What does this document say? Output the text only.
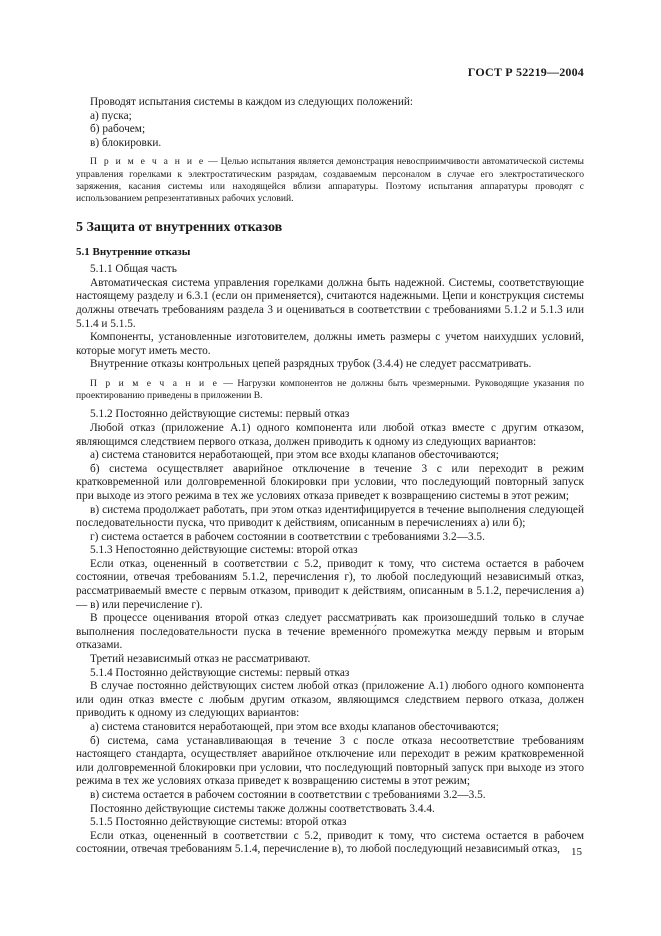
ГОСТ Р 52219—2004

Проводят испытания системы в каждом из следующих положений:

а) пуска;

б) рабочем;

в) блокировки.

П р и м е ч а н и е — Целью испытания является демонстрация невосприимчивости автоматической системы управления горелками к электростатическим разрядам, создаваемым персоналом в случае его электростатического заряжения, касания системы или находящейся вблизи аппаратуры. Поэтому испытания аппаратуры проводят с использованием репрезентативных рабочих условий.

5 Защита от внутренних отказов
5.1 Внутренние отказы

5.1.1 Общая часть

Автоматическая система управления горелками должна быть надежной. Системы, соответствующие настоящему разделу и 6.3.1 (если он применяется), считаются надежными. Цепи и конструкция системы должны отвечать требованиям раздела 3 и оцениваться в соответствии с требованиями 5.1.2 и 5.1.3 или 5.1.4 и 5.1.5.

Компоненты, установленные изготовителем, должны иметь размеры с учетом наихудших условий, которые могут иметь место.

Внутренние отказы контрольных цепей разрядных трубок (3.4.4) не следует рассматривать.

П р и м е ч а н и е — Нагрузки компонентов не должны быть чрезмерными. Руководящие указания по проектированию приведены в приложении В.

5.1.2 Постоянно действующие системы: первый отказ

Любой отказ (приложение А.1) одного компонента или любой отказ вместе с другим отказом, являющимся следствием первого отказа, должен приводить к одному из следующих вариантов:

а) система становится неработающей, при этом все входы клапанов обесточиваются;

б) система осуществляет аварийное отключение в течение 3 с или переходит в режим кратковременной или долговременной блокировки при условии, что последующий повторный запуск при выходе из этого режима в тех же условиях отказа приведет к возвращению системы в этот режим;

в) система продолжает работать, при этом отказ идентифицируется в течение выполнения следующей последовательности пуска, что приводит к действиям, описанным в перечислениях а) или б);

г) система остается в рабочем состоянии в соответствии с требованиями 3.2—3.5.

5.1.3 Непостоянно действующие системы: второй отказ

Если отказ, оцененный в соответствии с 5.2, приводит к тому, что система остается в рабочем состоянии, отвечая требованиям 5.1.2, перечисления г), то любой последующий независимый отказ, рассматриваемый вместе с первым отказом, приводит к действиям, описанным в 5.1.2, перечисления а) — в) или перечисление г).

В процессе оценивания второй отказ следует рассматривать как произошедший только в случае выполнения последовательности пуска в течение временно́го промежутка между первым и вторым отказами.

Третий независимый отказ не рассматривают.

5.1.4 Постоянно действующие системы: первый отказ

В случае постоянно действующих систем любой отказ (приложение А.1) любого одного компонента или один отказ вместе с любым другим отказом, являющимся следствием первого отказа, должен приводить к одному из следующих вариантов:

а) система становится неработающей, при этом все входы клапанов обесточиваются;

б) система, сама устанавливающая в течение 3 с после отказа несоответствие требованиям настоящего стандарта, осуществляет аварийное отключение или переходит в режим кратковременной или долговременной блокировки при условии, что последующий повторный запуск при выходе из этого режима в тех же условиях отказа приведет к возвращению системы в этот режим;

в) система остается в рабочем состоянии в соответствии с требованиями 3.2—3.5.

Постоянно действующие системы также должны соответствовать 3.4.4.

5.1.5 Постоянно действующие системы: второй отказ

Если отказ, оцененный в соответствии с 5.2, приводит к тому, что система остается в рабочем состоянии, отвечая требованиям 5.1.4, перечисление в), то любой последующий независимый отказ,	15
